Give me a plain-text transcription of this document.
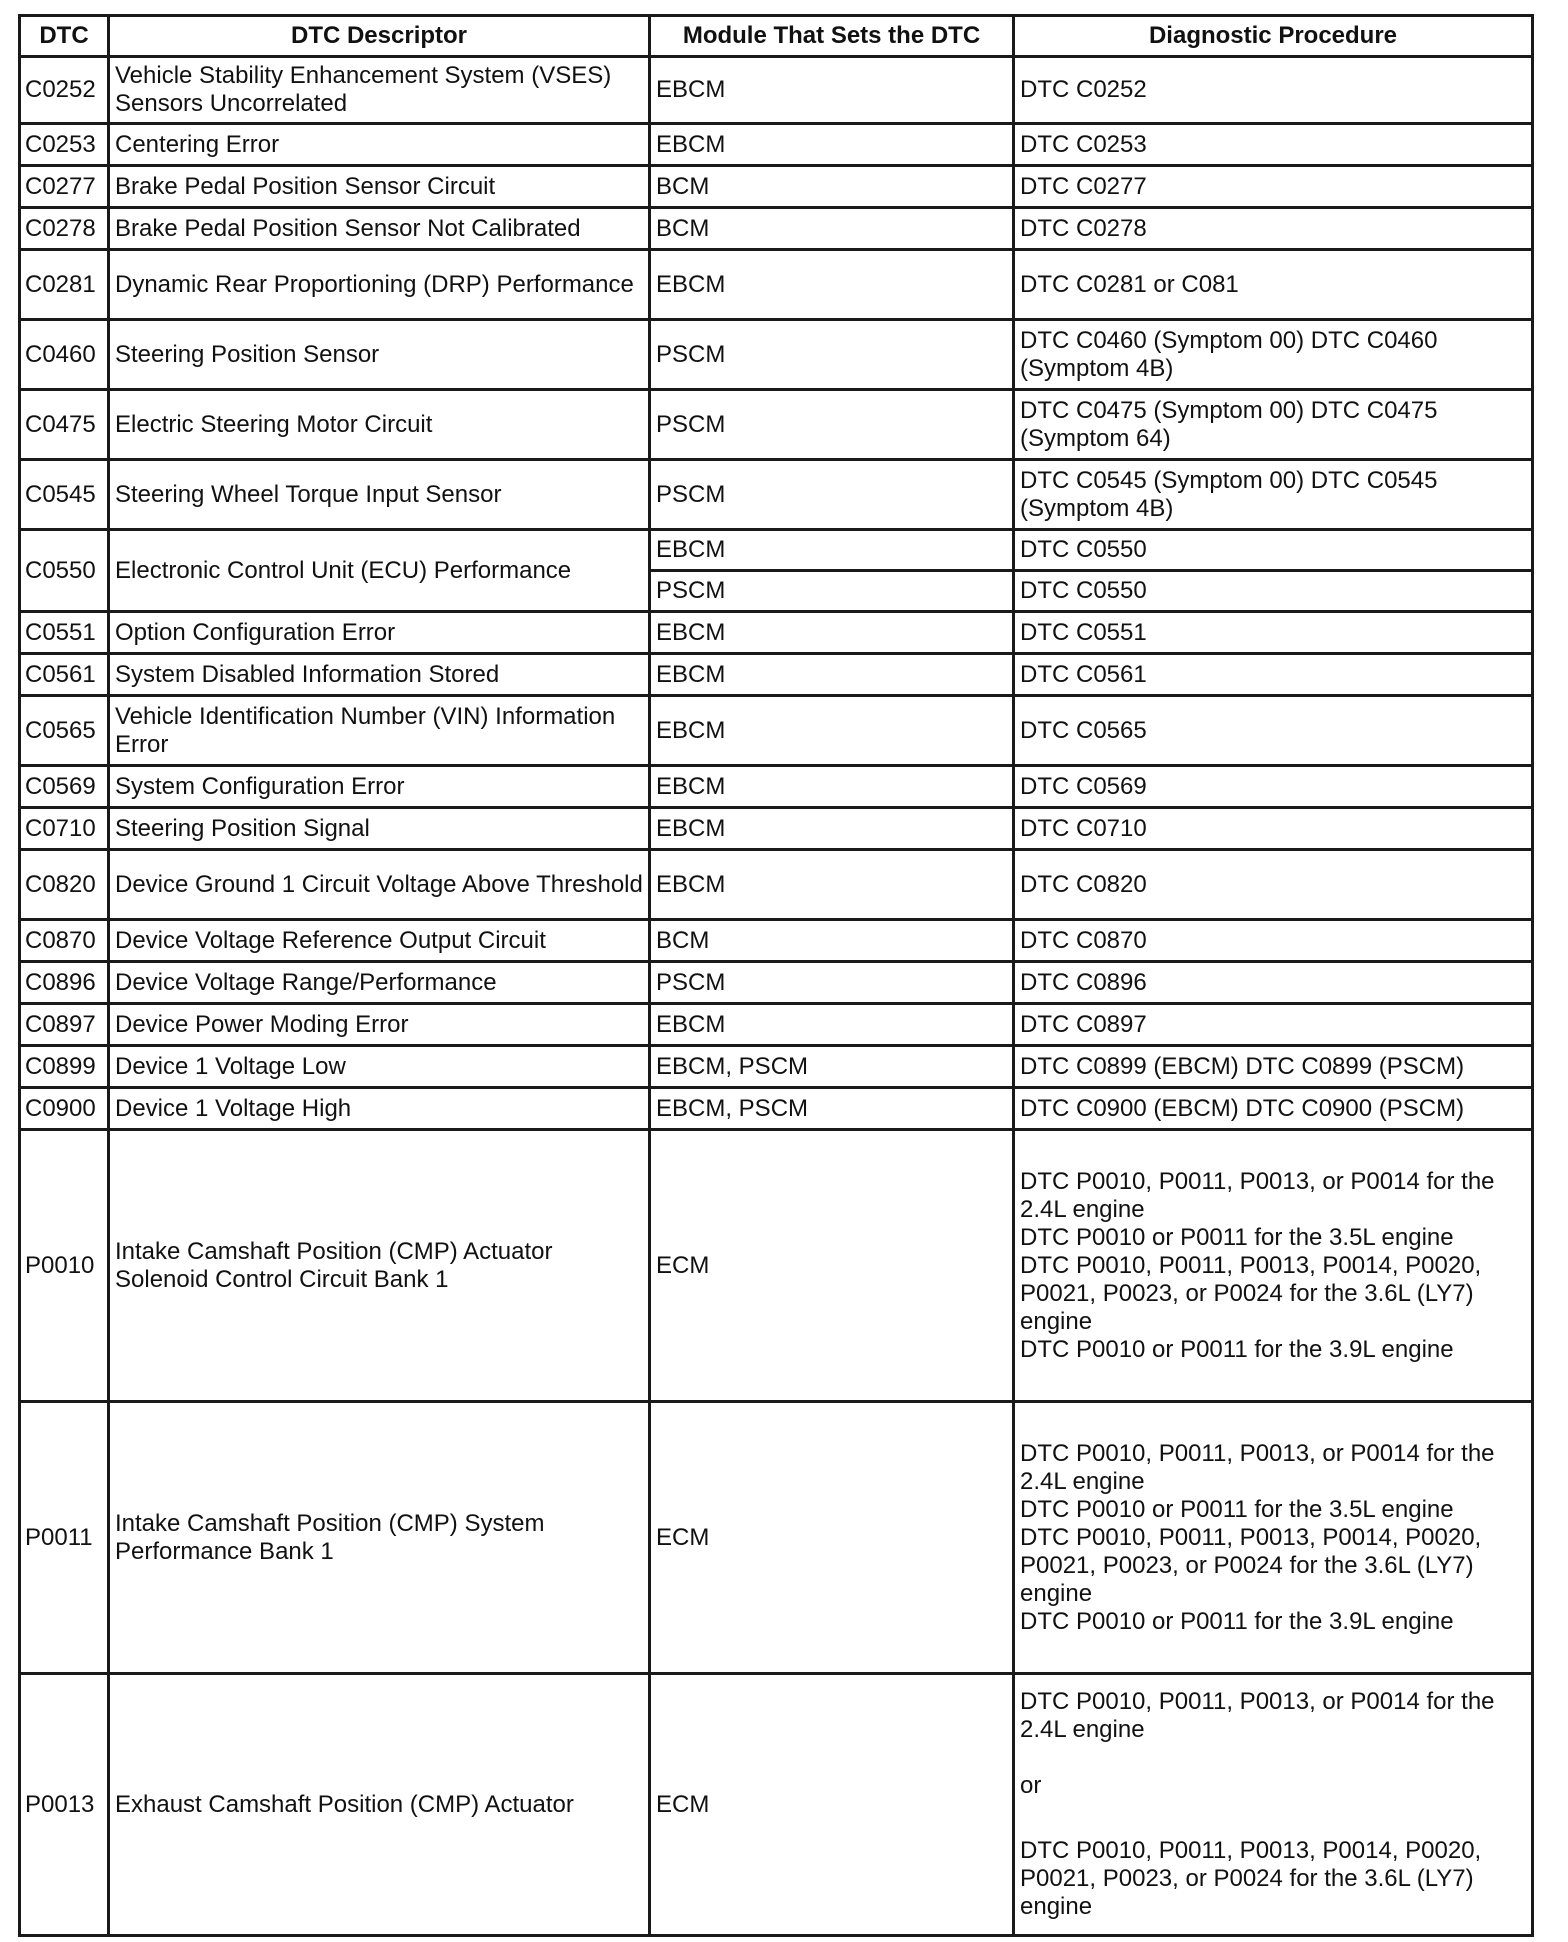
DTC	DTC Descriptor	Module That Sets the DTC	Diagnostic Procedure
C0252	Vehicle Stability Enhancement System (VSES) Sensors Uncorrelated	EBCM	DTC C0252
C0253	Centering Error	EBCM	DTC C0253
C0277	Brake Pedal Position Sensor Circuit	BCM	DTC C0277
C0278	Brake Pedal Position Sensor Not Calibrated	BCM	DTC C0278
C0281	Dynamic Rear Proportioning (DRP) Performance	EBCM	DTC C0281 or C081
C0460	Steering Position Sensor	PSCM	DTC C0460 (Symptom 00) DTC C0460 (Symptom 4B)
C0475	Electric Steering Motor Circuit	PSCM	DTC C0475 (Symptom 00) DTC C0475 (Symptom 64)
C0545	Steering Wheel Torque Input Sensor	PSCM	DTC C0545 (Symptom 00) DTC C0545 (Symptom 4B)
C0550	Electronic Control Unit (ECU) Performance	EBCM	DTC C0550
		PSCM	DTC C0550
C0551	Option Configuration Error	EBCM	DTC C0551
C0561	System Disabled Information Stored	EBCM	DTC C0561
C0565	Vehicle Identification Number (VIN) Information Error	EBCM	DTC C0565
C0569	System Configuration Error	EBCM	DTC C0569
C0710	Steering Position Signal	EBCM	DTC C0710
C0820	Device Ground 1 Circuit Voltage Above Threshold	EBCM	DTC C0820
C0870	Device Voltage Reference Output Circuit	BCM	DTC C0870
C0896	Device Voltage Range/Performance	PSCM	DTC C0896
C0897	Device Power Moding Error	EBCM	DTC C0897
C0899	Device 1 Voltage Low	EBCM, PSCM	DTC C0899 (EBCM) DTC C0899 (PSCM)
C0900	Device 1 Voltage High	EBCM, PSCM	DTC C0900 (EBCM) DTC C0900 (PSCM)
P0010	Intake Camshaft Position (CMP) Actuator Solenoid Control Circuit Bank 1	ECM	DTC P0010, P0011, P0013, or P0014 for the 2.4L engine
DTC P0010 or P0011 for the 3.5L engine
DTC P0010, P0011, P0013, P0014, P0020, P0021, P0023, or P0024 for the 3.6L (LY7) engine
DTC P0010 or P0011 for the 3.9L engine

P0011	Intake Camshaft Position (CMP) System Performance Bank 1	ECM	DTC P0010, P0011, P0013, or P0014 for the 2.4L engine
DTC P0010 or P0011 for the 3.5L engine
DTC P0010, P0011, P0013, P0014, P0020, P0021, P0023, or P0024 for the 3.6L (LY7) engine
DTC P0010 or P0011 for the 3.9L engine

P0013	Exhaust Camshaft Position (CMP) Actuator	ECM	DTC P0010, P0011, P0013, or P0014 for the 2.4L engine
or
DTC P0010, P0011, P0013, P0014, P0020, P0021, P0023, or P0024 for the 3.6L (LY7) engine
